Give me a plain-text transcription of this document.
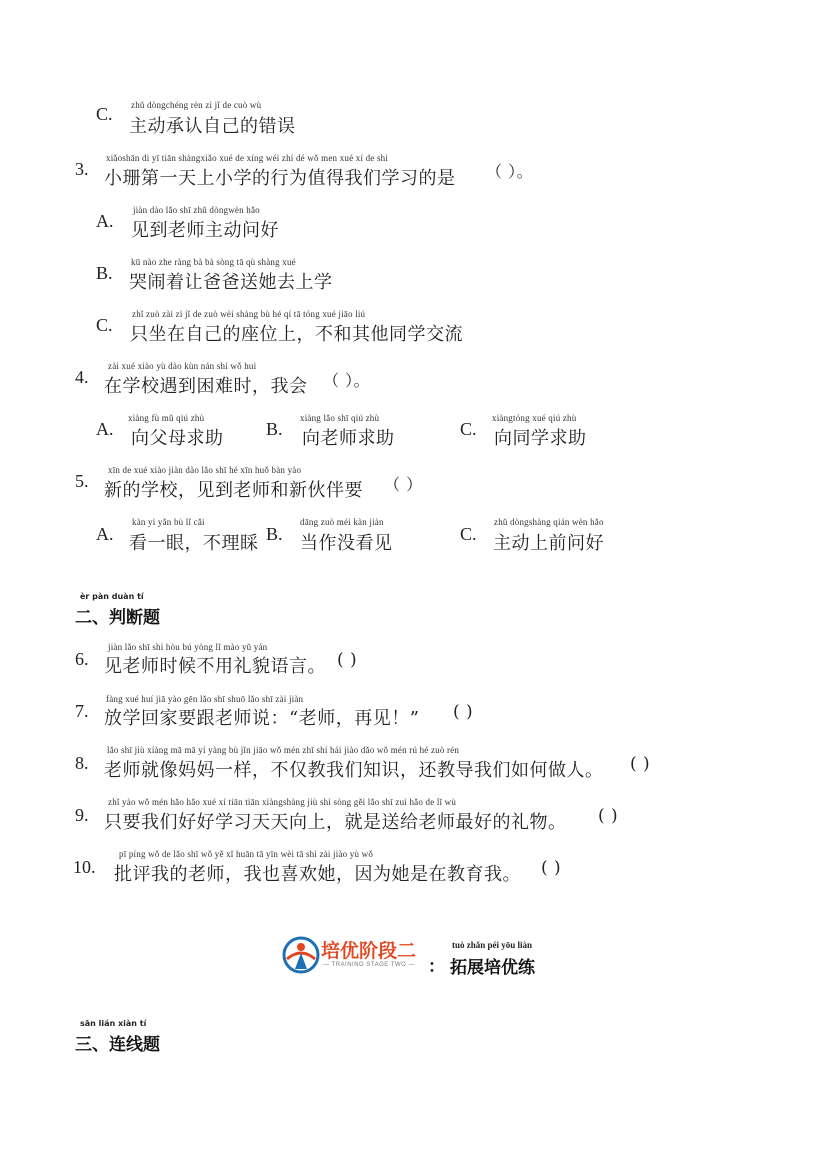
C. zhǔ dòngchéng rèn zì jǐ de cuò wù
主动承认自己的错误
3.
xiǎoshān dì yī tiān shàngxiǎo xué de xíng wéi zhí dé wǒ men xué xí de shì
小珊第一天上小学的行为值得我们学习的是 （ ）。
A.
jiàn dào lǎo shī zhǔ dòngwèn hǎo
见到老师主动问好
B.
kū nào zhe ràng bà bà sòng tā qù shàng xué
哭闹着让爸爸送她去上学
C.
zhǐ zuò zài zì jǐ de zuò wèi shàng bù hé qí tā tóng xué jiāo liú
只坐在自己的座位上，不和其他同学交流
4.
zài xué xiào yù dào kùn nán shí wǒ huì
在学校遇到困难时，我会 （ ）。
A.
xiàng fù mǔ qiú zhù
向父母求助 B.
xiàng lǎo shī qiú zhù
向老师求助	C.
xiàngtóng xué qiú zhù
向同学求助
5.
xīn de xué xiào jiàn dào lǎo shī hé xīn huǒ bàn yào
新的学校，见到老师和新伙伴要 （ ）
A.
kàn yì yǎn bù lǐ cǎi
看一眼，不理睬 B.
dāng zuò méi kàn jiàn
当作没看见	C.
zhǔ dòngshàng qián wèn hǎo
主动上前问好
èr pàn duàn tí
二、判断题
6.
jiàn lǎo shī shí hòu bú yòng lǐ mào yǔ yán
见老师时候不用礼貌语言。 ( )
7.
fàng xué huí jiā yào gēn lǎo shī shuō lǎo shī zài jiàn
放学回家要跟老师说：“老师，再见！” ( )
8.
lǎo shī jiù xiàng mā mā yí yàng bù jǐn jiāo wǒ mén zhī shí hái jiào dǎo wǒ mén rú hé zuò rén
老师就像妈妈一样，不仅教我们知识，还教导我们如何做人。 ( )
9.
zhǐ yào wǒ mén hǎo hǎo xué xí tiān tiān xiàngshàng jiù shì sòng gěi lǎo shī zuì hǎo de lǐ wù
只要我们好好学习天天向上，就是送给老师最好的礼物。 ( )
10.
pī píng wǒ de lǎo shī wǒ yě xǐ huān tā yīn wèi tā shì zài jiào yù wǒ
批评我的老师，我也喜欢她，因为她是在教育我。 ( )
培优阶段二
— TRAINING STAGE TWO — ：
tuò zhǎn péi yōu liàn
拓展培优练
sān lián xiàn tí
三、连线题
